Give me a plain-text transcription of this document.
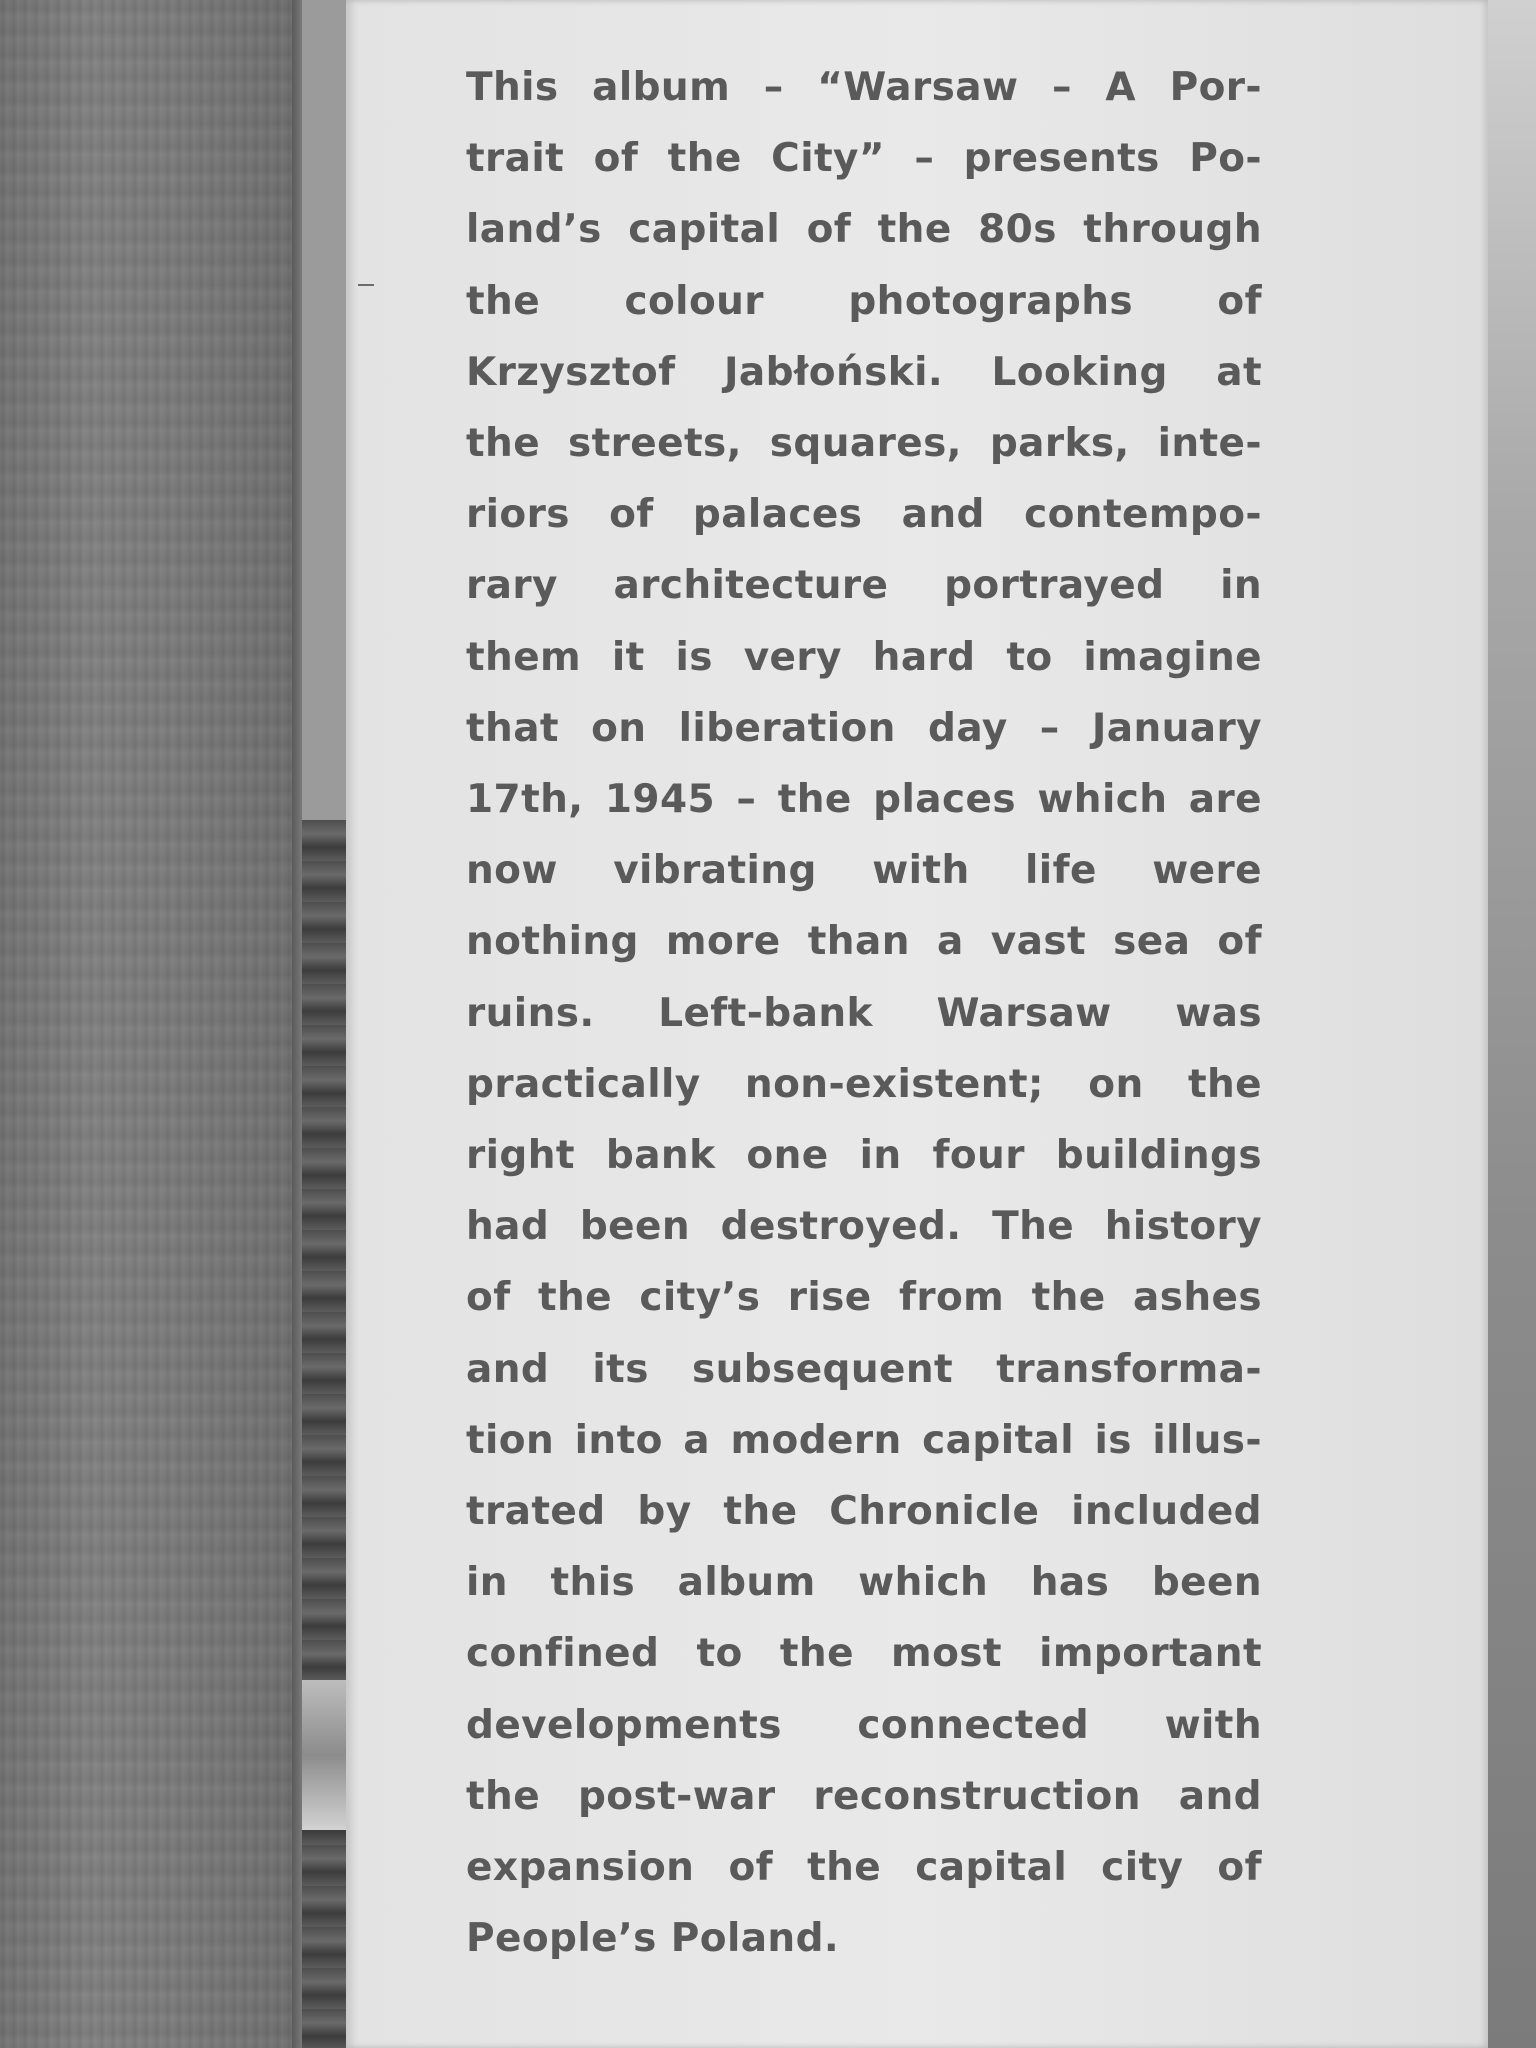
This album – “Warsaw – A Por-
trait of the City” – presents Po-
land’s capital of the 80s through
the colour photographs of
Krzysztof Jabłoński. Looking at
the streets, squares, parks, inte-
riors of palaces and contempo-
rary architecture portrayed in
them it is very hard to imagine
that on liberation day – January
17th, 1945 – the places which are
now vibrating with life were
nothing more than a vast sea of
ruins. Left-bank Warsaw was
practically non-existent; on the
right bank one in four buildings
had been destroyed. The history
of the city’s rise from the ashes
and its subsequent transforma-
tion into a modern capital is illus-
trated by the Chronicle included
in this album which has been
confined to the most important
developments connected with
the post-war reconstruction and
expansion of the capital city of
People’s Poland.
